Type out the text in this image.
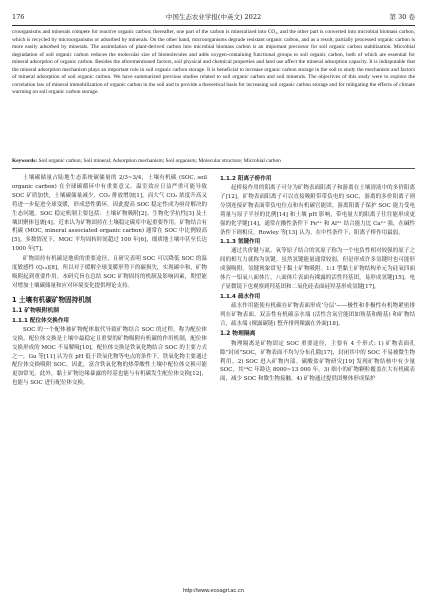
176	中国生态农业学报(中英文) 2022	第 30 卷
croorganisms and minerals compete for reactive organic carbon; thereafter, one part of the carbon is mineralized into CO₂, and the other part is converted into microbial biomass carbon, which is recycled by microorganisms or adsorbed by minerals. On the other hand, microorganisms degrade resistant organic carbon, and as a result, partially processed organic carbon is more easily adsorbed by minerals. The assimilation of plant-derived carbon into microbial biomass carbon is an important precursor for soil organic carbon stabilization. Microbial degradation of soil organic carbon reduces the molecular size of biomolecules and adds oxygen-containing functional groups to soil organic carbon, both of which are essential for mineral adsorption of organic carbon. Besides the aforementioned factors, soil physical and chemical properties and land use affect the mineral adsorption capacity. It is indisputable that the mineral adsorption mechanism plays an important role in soil organic carbon storage. It is beneficial to increase organic carbon storage in the soil to study the mechanism and factors of mineral adsorption of soil organic carbon. We have summarized previous studies related to soil organic carbon and soil minerals. The objectives of this study were to explore the correlation law of mineral immobilization of organic carbon in the soil and to provide a theoretical basis for increasing soil organic carbon storage and for mitigating the effects of climate warming on soil organic carbon storage.
Keywords: Soil organic carbon; Soil mineral; Adsorption mechanism; Soil organism; Molecular structure; Microbial carbon

土壤碳储量占陆地生态系统碳储量的 2/3~3/4，土壤有机碳 (SOC, soil organic carbon) 在全球碳循环中有重要意义。温室效应日益严重可能导致 SOC 矿质加快，土壤碳储量减少、CO₂ 排放增加[1]，而大气 CO₂ 浓度升高又将进一步促进全球变暖，形成恶性循环。因此提高 SOC 稳定性成为亟待解决的生态问题。SOC 稳定机制主要包括：土壤矿物吸附[2]、生物化学抗性[3] 及土壤团聚体包裹[4]。近来认为矿物固持在土壤稳定碳库中起重要作用。矿物结合有机碳 (MOC, mineral associated organic carbon) 通常在 SOC 中比例较高[5]。多数情况下，MOC 平均周转时间超过 100 年[6]，细质地土壤中甚至长达 1000 年[7]。

矿物固持有机碳是地质的重要途径，且研究表明 SOC 可以降低 SOC 的温度敏感性 (Q₁₀)[8]，所以对于缓解全球变暖形势下的碳损失，实现碳中和，矿物吸附起到重要作用。本研究旨在总结 SOC 矿物固持的机制及影响因素，期望能对增加土壤碳储量和应对环境变化提供理论支持。

1 土壤有机碳矿物固持机制
1.1 矿物吸附机制
1.1.1 配位体交换作用

SOC 的一个配体被矿物配体取代导致矿物结合 SOC 的过程，称为配位体交换。配位体交换是土壤中最稳定且重要的矿物吸附有机碳的作用机制，配位体交换形成的 MOC 不易解吸[10]。配位体交换是铁氧化物结合 SOC 的主要方式之一，Gu 等[11] 认为在 pH 低于铁氧化物等电点的条件下，铁氧化物主要通过配位体交换吸附 SOC。因此，富含铁氧化物的热带酸性土壤中配位体交换可能更加常见。此外，黏土矿物边缘暴露的羟基也能与有机碳发生配位体交换[12]，也能与 SOC 进行配位体交换。

1.1.2 阳离子桥作用

起桥接作用的阳离子可分为矿物表面阳离子和游离在土壤溶液中的多价阳离子[12]。矿物表面阳离子可以直接吸附带带负电的 SOC，游离的多价阳离子则分别连接矿物表面带负电位点和有机碳官能团。游离阳离子保护 SOC 能力受电荷量与原子半径的比例[14] 和土壤 pH 影响，带电量大的阳离子往往能形成更强的化学键[14]，通常在酸性条件下 Fe³⁺ 和 Al³⁺ 结合能力比 Ca²⁺ 强，在碱性条件下则相反。Rowley 等[13] 认为，在中性条件下，阳离子桥作用最弱。

1.1.3 氢键作用

通过共价键与氮、氧等原子结合的氢原子称为一个电负性相对较强的原子之间的相互力就称为氢键。虽然氢键能量通常较弱，但是形成许多氢键时也可能形成强吸附。氢键现象常见于黏土矿物吸附。1:1 型黏土矿物结构单元为硅氧四面体片一铝氧八面体片，八面体片表面有裸露的活性羟基团，易形成氢键[15]。电子显微镜下也观察到羟基团和二氧化硅表面硅羟基形成氢键[17]。

1.1.4 疏水作用

疏水作用能使有机碳在矿物表面形成‘分层’——极性和非极性有机物紧密排列在矿物表面。双亲性有机碳亲水端 (活性含氧官能团如羧基和酚基) 和矿物结合，疏水端 (裸露碳链) 整齐排列裸露在外面[18]。

1.2 物理隔离

物理隔离是矿物固定 SOC 重要途径，主要有 4 个形式: 1) 矿物表面孔隙”封闭”SOC，矿物表面不均匀分布孔隙[17]，封闭其中的 SOC 不易被微生物利用。2) SOC 进入矿物内部。碳酸盐矿物研究[19] 发现矿物结核中有少量 SOC，其¹⁴C 年龄达 8000~13 000 年。3) 细小的矿物颗粒覆盖在大有机碳表面，减少 SOC 和微生物接触。4) 矿物通过提供团聚体形成保护

http://www.ecoagri.ac.cn
